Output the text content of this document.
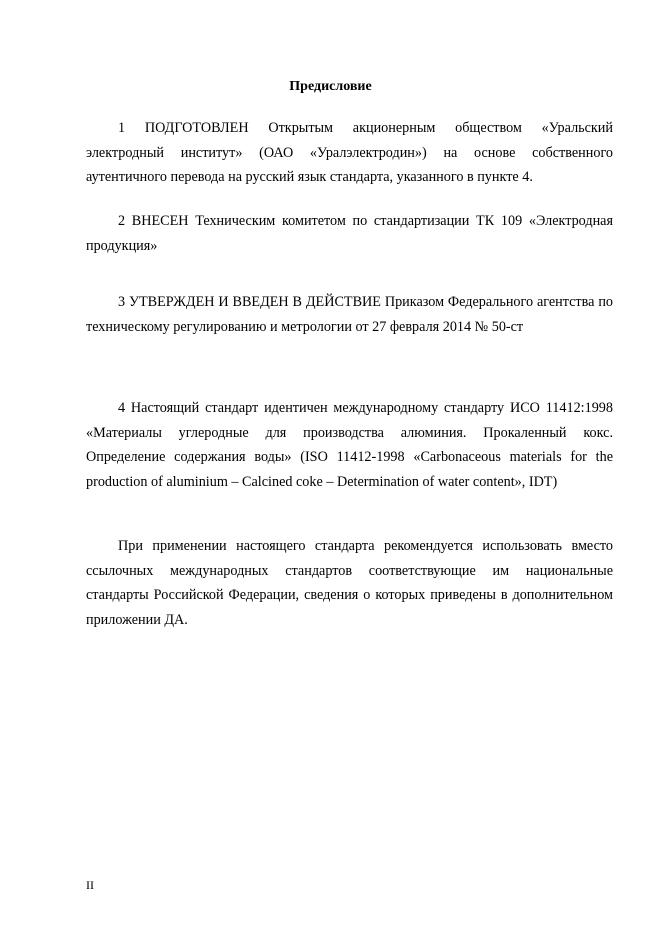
Предисловие

1 ПОДГОТОВЛЕН Открытым акционерным обществом «Уральский электродный институт» (ОАО «Уралэлектродин») на основе собственного аутентичного перевода на русский язык стандарта, указанного в пункте 4.

2 ВНЕСЕН Техническим комитетом по стандартизации ТК 109 «Электродная продукция»

3 УТВЕРЖДЕН И ВВЕДЕН В ДЕЙСТВИЕ Приказом Федерального агентства по техническому регулированию и метрологии от 27 февраля 2014 № 50-ст

4 Настоящий стандарт идентичен международному стандарту ИСО 11412:1998 «Материалы углеродные для производства алюминия. Прокаленный кокс. Определение содержания воды» (ISO 11412-1998 «Carbonaceous materials for the production of aluminium – Calcined coke – Determination of water content», IDT)

При применении настоящего стандарта рекомендуется использовать вместо ссылочных международных стандартов соответствующие им национальные стандарты Российской Федерации, сведения о которых приведены в дополнительном приложении ДА.

II
